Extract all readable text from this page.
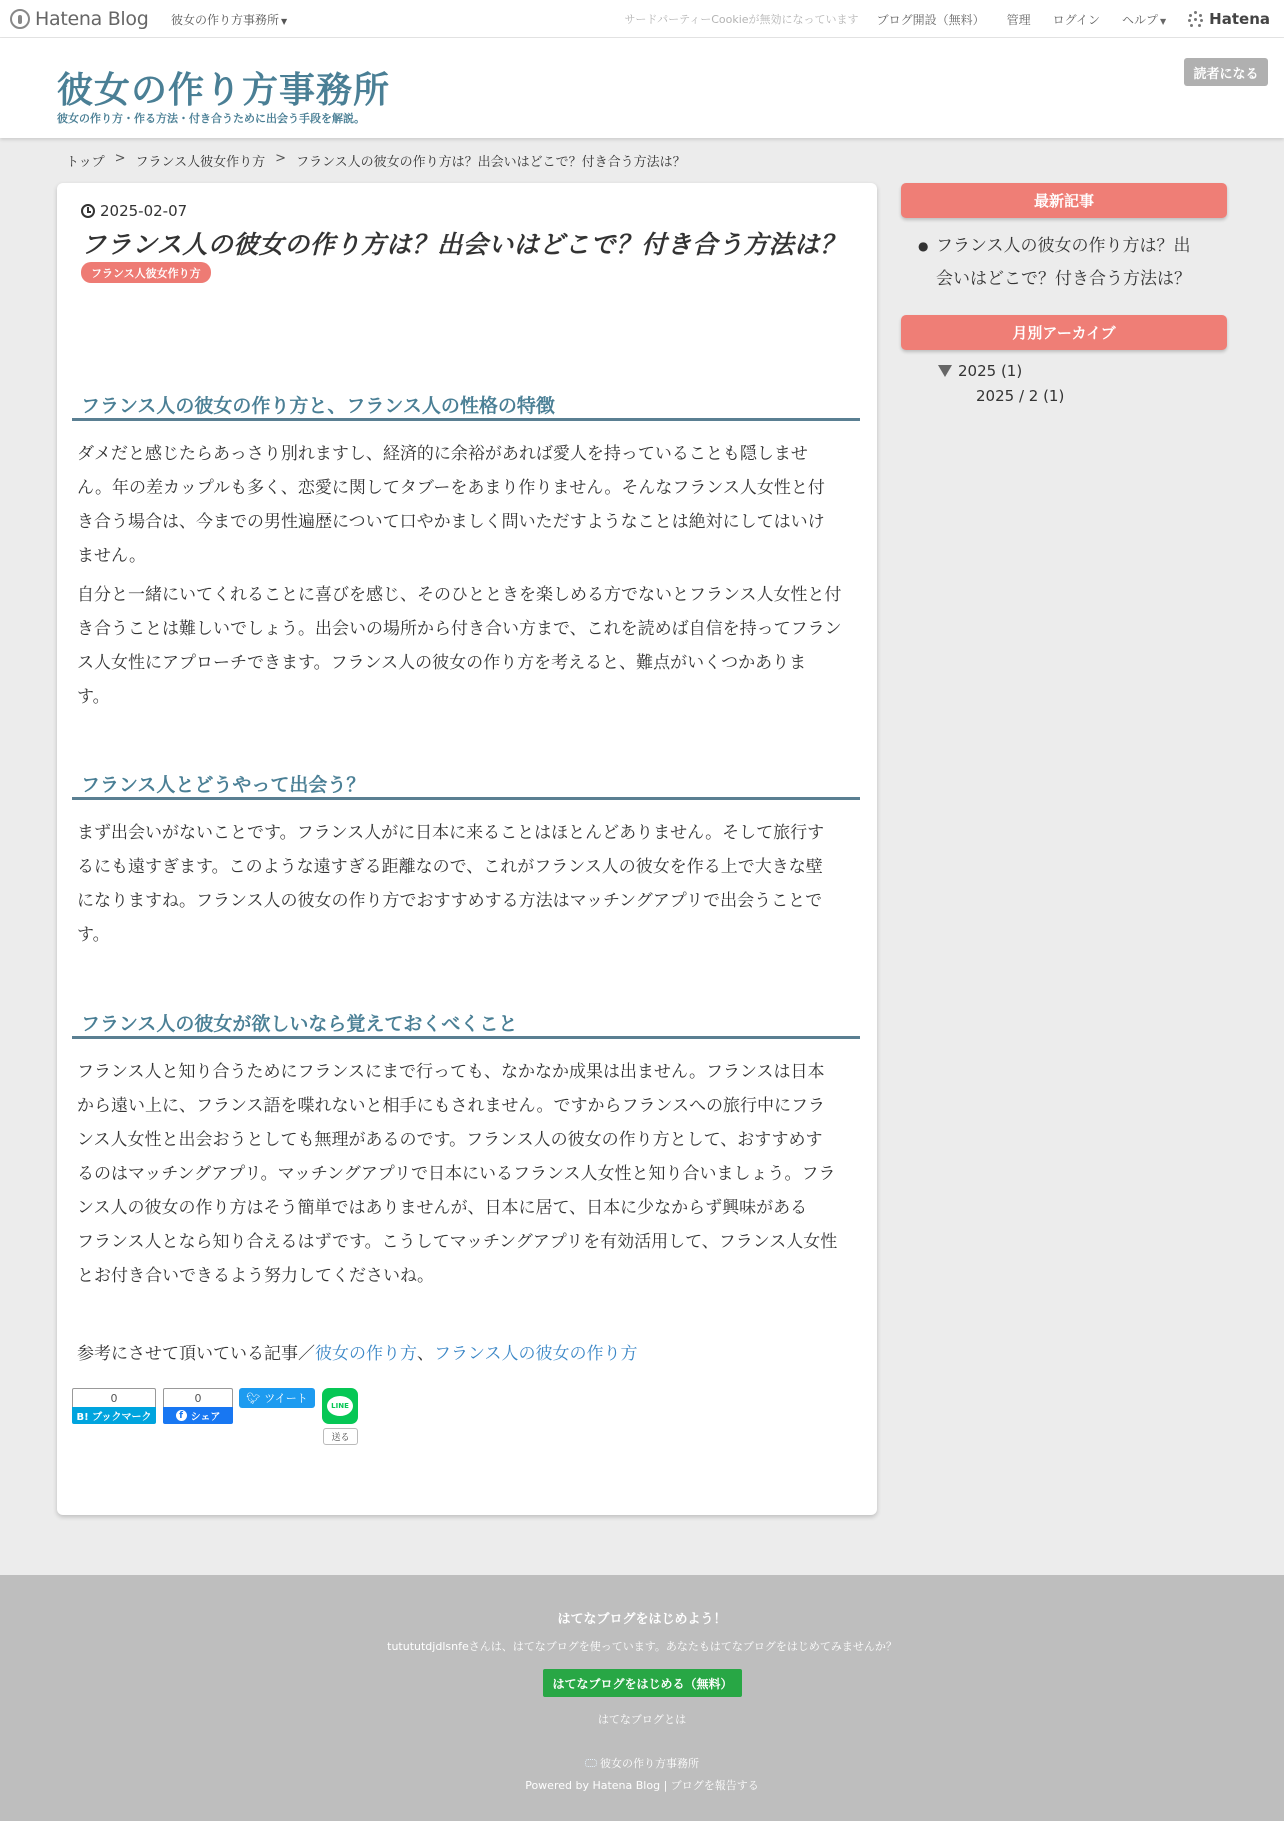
Hatena Blog 彼女の作り方事務所 ▼	サードパーティーCookieが無効になっています ブログ開設（無料） 管理 ログイン ヘルプ ▼	Hatena
彼女の作り方事務所
彼女の作り方・作る方法・付き合うために出会う手段を解説。
読者になる
トップ > フランス人彼女作り方 > フランス人の彼女の作り方は？出会いはどこで？付き合う方法は？
2025-02-07
フランス人の彼女の作り方は？出会いはどこで？付き合う方法は？
フランス人彼女作り方
フランス人の彼女の作り方と、フランス人の性格の特徴
ダメだと感じたらあっさり別れますし、経済的に余裕があれば愛人を持っていることも隠しませ
ん。年の差カップルも多く、恋愛に関してタブーをあまり作りません。そんなフランス人女性と付
き合う場合は、今までの男性遍歴について口やかましく問いただすようなことは絶対にしてはいけ
ません。
自分と一緒にいてくれることに喜びを感じ、そのひとときを楽しめる方でないとフランス人女性と付
き合うことは難しいでしょう。出会いの場所から付き合い方まで、これを読めば自信を持ってフラン
ス人女性にアプローチできます。フランス人の彼女の作り方を考えると、難点がいくつかありま
す。
フランス人とどうやって出会う？
まず出会いがないことです。フランス人がに日本に来ることはほとんどありません。そして旅行す
るにも遠すぎます。このような遠すぎる距離なので、これがフランス人の彼女を作る上で大きな壁
になりますね。フランス人の彼女の作り方でおすすめする方法はマッチングアプリで出会うことで
す。
フランス人の彼女が欲しいなら覚えておくべくこと
フランス人と知り合うためにフランスにまで行っても、なかなか成果は出ません。フランスは日本
から遠い上に、フランス語を喋れないと相手にもされません。ですからフランスへの旅行中にフラ
ンス人女性と出会おうとしても無理があるのです。フランス人の彼女の作り方として、おすすめす
るのはマッチングアプリ。マッチングアプリで日本にいるフランス人女性と知り合いましょう。フラ
ンス人の彼女の作り方はそう簡単ではありませんが、日本に居て、日本に少なからず興味がある
フランス人となら知り合えるはずです。こうしてマッチングアプリを有効活用して、フランス人女性
とお付き合いできるよう努力してくださいね。
参考にさせて頂いている記事／彼女の作り方、フランス人の彼女の作り方
0
B! ブックマーク
0
f シェア
🐦︎ ツイート
LINE
送る
最新記事
● フランス人の彼女の作り方は？出
会いはどこで？付き合う方法は？
月別アーカイブ
2025 (1)
2025 / 2 (1)
はてなブログをはじめよう！
tutututdjdlsnfeさんは、はてなブログを使っています。あなたもはてなブログをはじめてみませんか？
はてなブログをはじめる（無料）
はてなブログとは
彼女の作り方事務所
Powered by Hatena Blog | ブログを報告する
